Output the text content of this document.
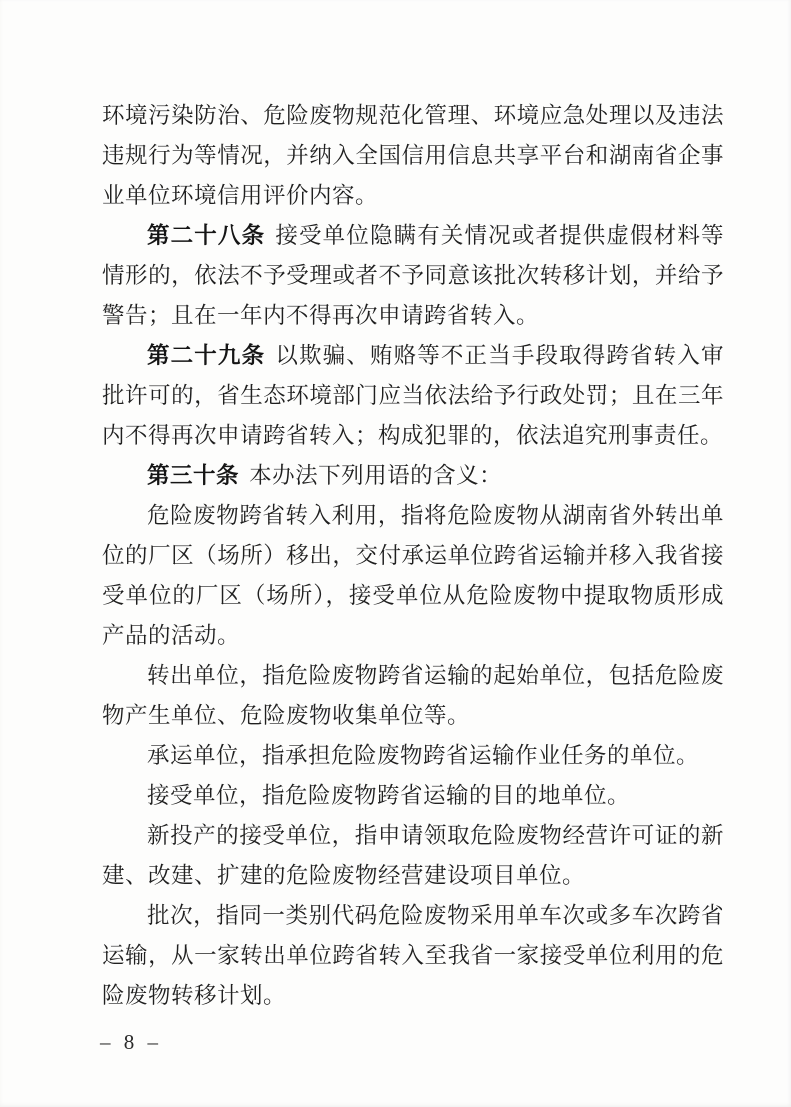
环境污染防治、危险废物规范化管理、环境应急处理以及违法违规行为等情况，并纳入全国信用信息共享平台和湖南省企事业单位环境信用评价内容。

第二十八条 接受单位隐瞒有关情况或者提供虚假材料等情形的，依法不予受理或者不予同意该批次转移计划，并给予警告；且在一年内不得再次申请跨省转入。

第二十九条 以欺骗、贿赂等不正当手段取得跨省转入审批许可的，省生态环境部门应当依法给予行政处罚；且在三年内不得再次申请跨省转入；构成犯罪的，依法追究刑事责任。

第三十条 本办法下列用语的含义：

危险废物跨省转入利用，指将危险废物从湖南省外转出单位的厂区（场所）移出，交付承运单位跨省运输并移入我省接受单位的厂区（场所），接受单位从危险废物中提取物质形成产品的活动。

转出单位，指危险废物跨省运输的起始单位，包括危险废物产生单位、危险废物收集单位等。

承运单位，指承担危险废物跨省运输作业任务的单位。

接受单位，指危险废物跨省运输的目的地单位。

新投产的接受单位，指申请领取危险废物经营许可证的新建、改建、扩建的危险废物经营建设项目单位。

批次，指同一类别代码危险废物采用单车次或多车次跨省运输，从一家转出单位跨省转入至我省一家接受单位利用的危险废物转移计划。

– 8 –
